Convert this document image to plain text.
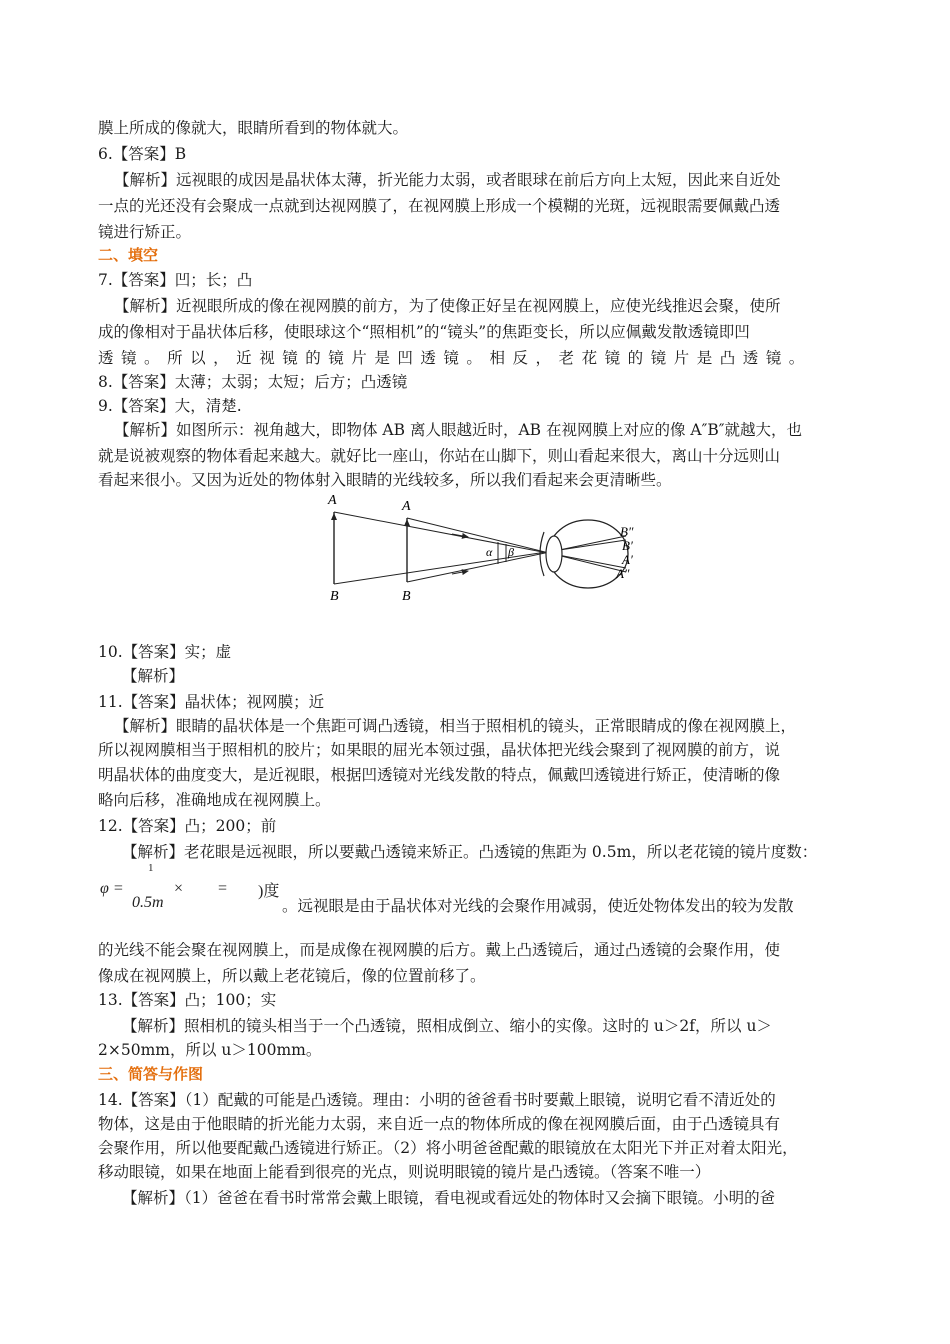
膜上所成的像就大，眼睛所看到的物体就大。
6.【答案】B
【解析】远视眼的成因是晶状体太薄，折光能力太弱，或者眼球在前后方向上太短，因此来自近处
一点的光还没有会聚成一点就到达视网膜了，在视网膜上形成一个模糊的光斑，远视眼需要佩戴凸透
镜进行矫正。
二、填空
7.【答案】凹；长；凸
【解析】近视眼所成的像在视网膜的前方，为了使像正好呈在视网膜上，应使光线推迟会聚，使所
成的像相对于晶状体后移，使眼球这个“照相机”的“镜头”的焦距变长，所以应佩戴发散透镜即凹
透 镜 。 所 以 ， 近 视 镜 的 镜 片 是 凹 透 镜 。 相 反 ， 老 花 镜 的 镜 片 是 凸 透 镜 。
8.【答案】太薄；太弱；太短；后方；凸透镜
9.【答案】大，清楚.
【解析】如图所示：视角越大，即物体 AB 离人眼越近时，AB 在视网膜上对应的像 A″B″就越大，也
就是说被观察的物体看起来越大。就好比一座山，你站在山脚下，则山看起来很大，离山十分远则山
看起来很小。又因为近处的物体射入眼睛的光线较多，所以我们看起来会更清晰些。
A
B
A
B
α β
B″
B′
A′
A″
10.【答案】实；虚
【解析】
11.【答案】晶状体；视网膜；近
【解析】眼睛的晶状体是一个焦距可调凸透镜，相当于照相机的镜头，正常眼睛成的像在视网膜上，
所以视网膜相当于照相机的胶片；如果眼的屈光本领过强，晶状体把光线会聚到了视网膜的前方，说
明晶状体的曲度变大，是近视眼，根据凹透镜对光线发散的特点，佩戴凹透镜进行矫正，使清晰的像
略向后移，准确地成在视网膜上。
12.【答案】凸；200；前
【解析】老花眼是远视眼，所以要戴凸透镜来矫正。凸透镜的焦距为 0.5m，所以老花镜的镜片度数：
φ =
1
0.5m
× = )度
。远视眼是由于晶状体对光线的会聚作用减弱，使近处物体发出的较为发散
的光线不能会聚在视网膜上，而是成像在视网膜的后方。戴上凸透镜后，通过凸透镜的会聚作用，使
像成在视网膜上，所以戴上老花镜后，像的位置前移了。
13.【答案】凸；100；实
【解析】照相机的镜头相当于一个凸透镜，照相成倒立、缩小的实像。这时的 u＞2f，所以 u＞
2×50mm，所以 u＞100mm。
三、简答与作图
14.【答案】（1）配戴的可能是凸透镜。理由：小明的爸爸看书时要戴上眼镜，说明它看不清近处的
物体，这是由于他眼睛的折光能力太弱，来自近一点的物体所成的像在视网膜后面，由于凸透镜具有
会聚作用，所以他要配戴凸透镜进行矫正。（2）将小明爸爸配戴的眼镜放在太阳光下并正对着太阳光，
移动眼镜，如果在地面上能看到很亮的光点，则说明眼镜的镜片是凸透镜。（答案不唯一）
【解析】（1）爸爸在看书时常常会戴上眼镜，看电视或看远处的物体时又会摘下眼镜。小明的爸
